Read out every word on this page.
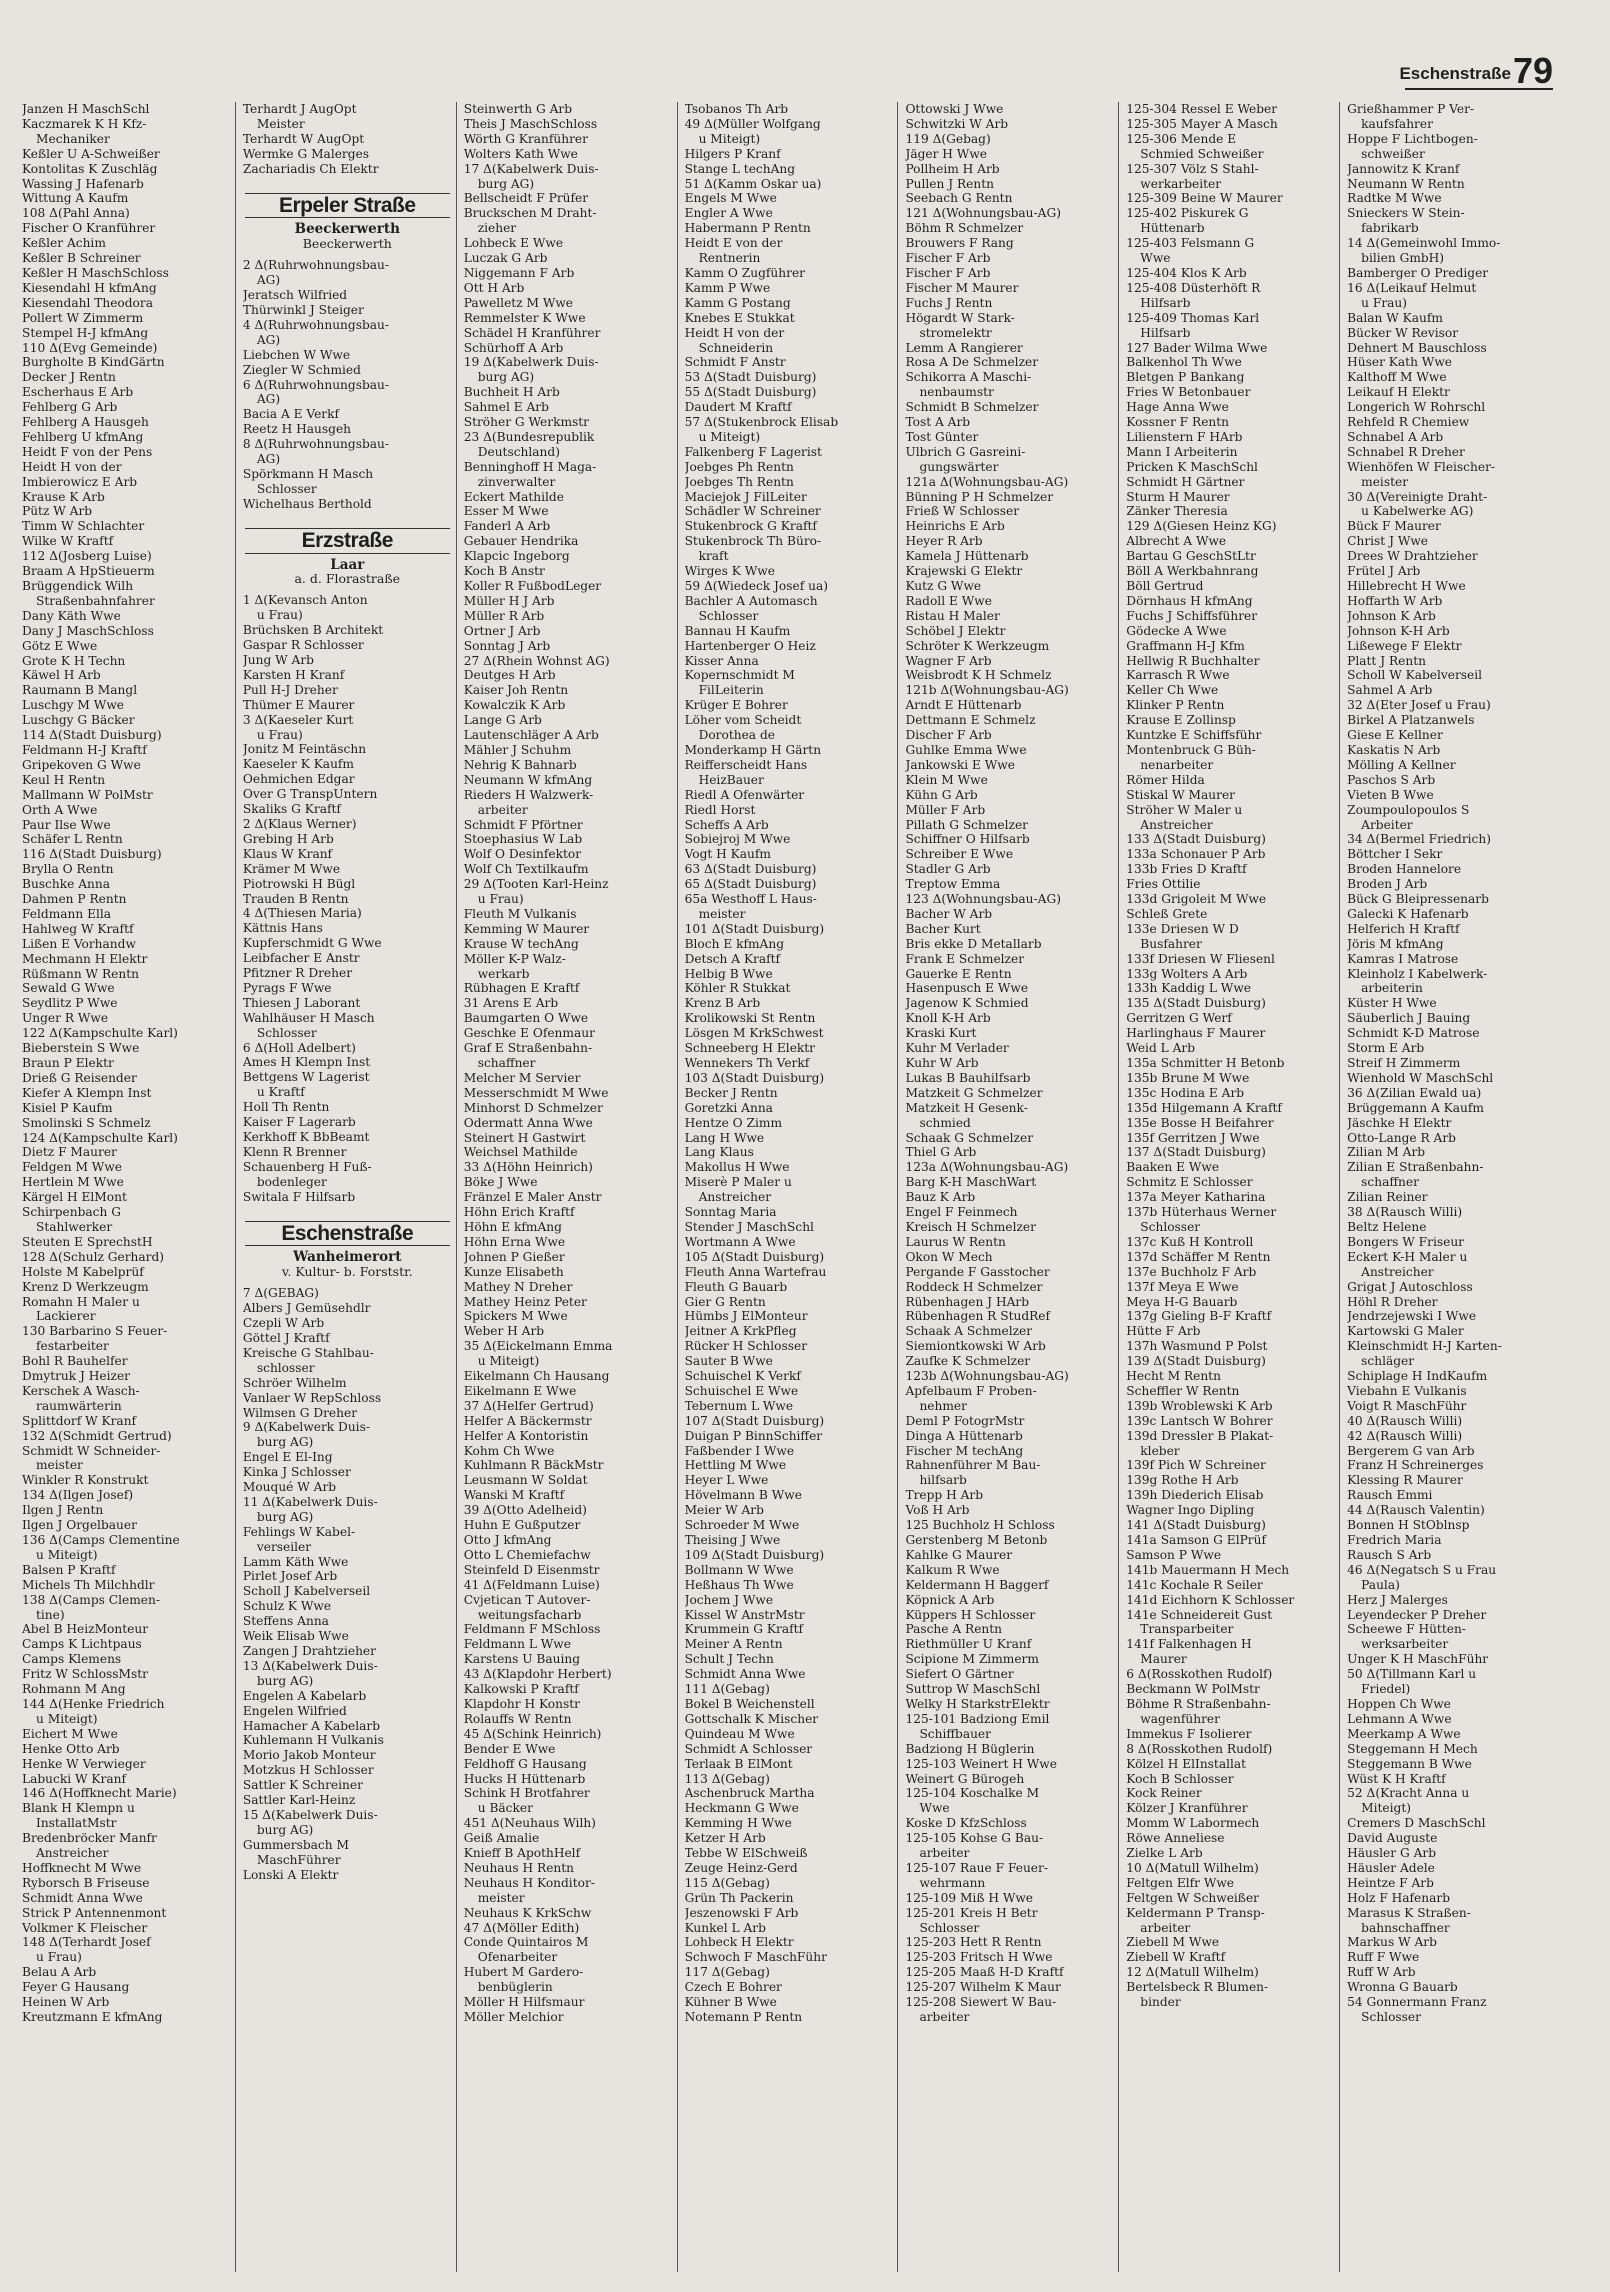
Eschenstraße 79
Janzen H MaschSchl
Kaczmarek K H Kfz-
Mechaniker
Keßler U A-Schweißer
Kontolitas K Zuschläg
Wassing J Hafenarb
Wittung A Kaufm
108 Δ(Pahl Anna)
Fischer O Kranführer
Keßler Achim
Keßler B Schreiner
Keßler H MaschSchloss
Kiesendahl H kfmAng
Kiesendahl Theodora
Pollert W Zimmerm
Stempel H-J kfmAng
110 Δ(Evg Gemeinde)
Burgholte B KindGärtn
Decker J Rentn
Escherhaus E Arb
Fehlberg G Arb
Fehlberg A Hausgeh
Fehlberg U kfmAng
Heidt F von der Pens
Heidt H von der
Imbierowicz E Arb
Krause K Arb
Pütz W Arb
Timm W Schlachter
Wilke W Kraftf
112 Δ(Josberg Luise)
Braam A HpStieuerm
Brüggendick Wilh
Straßenbahnfahrer
Dany Käth Wwe
Dany J MaschSchloss
Götz E Wwe
Grote K H Techn
Käwel H Arb
Raumann B Mangl
Luschgy M Wwe
Luschgy G Bäcker
114 Δ(Stadt Duisburg)
Feldmann H-J Kraftf
Gripekoven G Wwe
Keul H Rentn
Mallmann W PolMstr
Orth A Wwe
Paur Ilse Wwe
Schäfer L Rentn
116 Δ(Stadt Duisburg)
Brylla O Rentn
Buschke Anna
Dahmen P Rentn
Feldmann Ella
Hahlweg W Kraftf
Lißen E Vorhandw
Mechmann H Elektr
Rüßmann W Rentn
Sewald G Wwe
Seydlitz P Wwe
Unger R Wwe
122 Δ(Kampschulte Karl)
Bieberstein S Wwe
Braun P Elektr
Drieß G Reisender
Kiefer A Klempn Inst
Kisiel P Kaufm
Smolinski S Schmelz
124 Δ(Kampschulte Karl)
Dietz F Maurer
Feldgen M Wwe
Hertlein M Wwe
Kärgel H ElMont
Schirpenbach G
Stahlwerker
Steuten E SprechstH
128 Δ(Schulz Gerhard)
Holste M Kabelprüf
Krenz D Werkzeugm
Romahn H Maler u
Lackierer
130 Barbarino S Feuer-
festarbeiter
Bohl R Bauhelfer
Dmytruk J Heizer
Kerschek A Wasch-
raumwärterin
Splittdorf W Kranf
132 Δ(Schmidt Gertrud)
Schmidt W Schneider-
meister
Winkler R Konstrukt
134 Δ(Ilgen Josef)
Ilgen J Rentn
Ilgen J Orgelbauer
136 Δ(Camps Clementine
u Miteigt)
Balsen P Kraftf
Michels Th Milchhdlr
138 Δ(Camps Clemen-
tine)
Abel B HeizMonteur
Camps K Lichtpaus
Camps Klemens
Fritz W SchlossMstr
Rohmann M Ang
144 Δ(Henke Friedrich
u Miteigt)
Eichert M Wwe
Henke Otto Arb
Henke W Verwieger
Labucki W Kranf
146 Δ(Hoffknecht Marie)
Blank H Klempn u
InstallatMstr
Bredenbröcker Manfr
Anstreicher
Hoffknecht M Wwe
Ryborsch B Friseuse
Schmidt Anna Wwe
Strick P Antennenmont
Volkmer K Fleischer
148 Δ(Terhardt Josef
u Frau)
Belau A Arb
Feyer G Hausang
Heinen W Arb
Kreutzmann E kfmAng
Terhardt J AugOpt
Meister
Terhardt W AugOpt
Wermke G Malerges
Zachariadis Ch Elektr
Erpeler Straße
Beeckerwerth
Beeckerwerth
2 Δ(Ruhrwohnungsbau-
AG)
Jeratsch Wilfried
Thürwinkl J Steiger
4 Δ(Ruhrwohnungsbau-
AG)
Liebchen W Wwe
Ziegler W Schmied
6 Δ(Ruhrwohnungsbau-
AG)
Bacia A E Verkf
Reetz H Hausgeh
8 Δ(Ruhrwohnungsbau-
AG)
Spörkmann H Masch
Schlosser
Wichelhaus Berthold
Erzstraße
Laar
a. d. Florastraße
1 Δ(Kevansch Anton
u Frau)
Brüchsken B Architekt
Gaspar R Schlosser
Jung W Arb
Karsten H Kranf
Pull H-J Dreher
Thümer E Maurer
3 Δ(Kaeseler Kurt
u Frau)
Jonitz M Feintäschn
Kaeseler K Kaufm
Oehmichen Edgar
Over G TranspUntern
Skaliks G Kraftf
2 Δ(Klaus Werner)
Grebing H Arb
Klaus W Kranf
Krämer M Wwe
Piotrowski H Bügl
Trauden B Rentn
4 Δ(Thiesen Maria)
Kättnis Hans
Kupferschmidt G Wwe
Leibfacher E Anstr
Pfitzner R Dreher
Pyrags F Wwe
Thiesen J Laborant
Wahlhäuser H Masch
Schlosser
6 Δ(Holl Adelbert)
Ames H Klempn Inst
Bettgens W Lagerist
u Kraftf
Holl Th Rentn
Kaiser F Lagerarb
Kerkhoff K BbBeamt
Klenn R Brenner
Schauenberg H Fuß-
bodenleger
Switala F Hilfsarb
Eschenstraße
Wanheimerort
v. Kultur- b. Forststr.
7 Δ(GEBAG)
Albers J Gemüsehdlr
Czepli W Arb
Göttel J Kraftf
Kreische G Stahlbau-
schlosser
Schröer Wilhelm
Vanlaer W RepSchloss
Wilmsen G Dreher
9 Δ(Kabelwerk Duis-
burg AG)
Engel E El-Ing
Kinka J Schlosser
Mouqué W Arb
11 Δ(Kabelwerk Duis-
burg AG)
Fehlings W Kabel-
verseiler
Lamm Käth Wwe
Pirlet Josef Arb
Scholl J Kabelverseil
Schulz K Wwe
Steffens Anna
Weik Elisab Wwe
Zangen J Drahtzieher
13 Δ(Kabelwerk Duis-
burg AG)
Engelen A Kabelarb
Engelen Wilfried
Hamacher A Kabelarb
Kuhlemann H Vulkanis
Morio Jakob Monteur
Motzkus H Schlosser
Sattler K Schreiner
Sattler Karl-Heinz
15 Δ(Kabelwerk Duis-
burg AG)
Gummersbach M
MaschFührer
Lonski A Elektr
Steinwerth G Arb
Theis J MaschSchloss
Wörth G Kranführer
Wolters Kath Wwe
17 Δ(Kabelwerk Duis-
burg AG)
Bellscheidt F Prüfer
Bruckschen M Draht-
zieher
Lohbeck E Wwe
Luczak G Arb
Niggemann F Arb
Ott H Arb
Pawelletz M Wwe
Remmelster K Wwe
Schädel H Kranführer
Schürhoff A Arb
19 Δ(Kabelwerk Duis-
burg AG)
Buchheit H Arb
Sahmel E Arb
Ströher G Werkmstr
23 Δ(Bundesrepublik
Deutschland)
Benninghoff H Maga-
zinverwalter
Eckert Mathilde
Esser M Wwe
Fanderl A Arb
Gebauer Hendrika
Klapcic Ingeborg
Koch B Anstr
Koller R FußbodLeger
Müller H J Arb
Müller R Arb
Ortner J Arb
Sonntag J Arb
27 Δ(Rhein Wohnst AG)
Deutges H Arb
Kaiser Joh Rentn
Kowalczik K Arb
Lange G Arb
Lautenschläger A Arb
Mähler J Schuhm
Nehrig K Bahnarb
Neumann W kfmAng
Rieders H Walzwerk-
arbeiter
Schmidt F Pförtner
Stoephasius W Lab
Wolf O Desinfektor
Wolf Ch Textilkaufm
29 Δ(Tooten Karl-Heinz
u Frau)
Fleuth M Vulkanis
Kemming W Maurer
Krause W techAng
Möller K-P Walz-
werkarb
Rübhagen E Kraftf
31 Arens E Arb
Baumgarten O Wwe
Geschke E Ofenmaur
Graf E Straßenbahn-
schaffner
Melcher M Servier
Messerschmidt M Wwe
Minhorst D Schmelzer
Odermatt Anna Wwe
Steinert H Gastwirt
Weichsel Mathilde
33 Δ(Höhn Heinrich)
Böke J Wwe
Fränzel E Maler Anstr
Höhn Erich Kraftf
Höhn E kfmAng
Höhn Erna Wwe
Johnen P Gießer
Kunze Elisabeth
Mathey N Dreher
Mathey Heinz Peter
Spickers M Wwe
Weber H Arb
35 Δ(Eickelmann Emma
u Miteigt)
Eikelmann Ch Hausang
Eikelmann E Wwe
37 Δ(Helfer Gertrud)
Helfer A Bäckermstr
Helfer A Kontoristin
Kohm Ch Wwe
Kuhlmann R BäckMstr
Leusmann W Soldat
Wanski M Kraftf
39 Δ(Otto Adelheid)
Huhn E Gußputzer
Otto J kfmAng
Otto L Chemiefachw
Steinfeld D Eisenmstr
41 Δ(Feldmann Luise)
Cvjetican T Autover-
weitungsfacharb
Feldmann F MSchloss
Feldmann L Wwe
Karstens U Bauing
43 Δ(Klapdohr Herbert)
Kalkowski P Kraftf
Klapdohr H Konstr
Rolauffs W Rentn
45 Δ(Schink Heinrich)
Bender E Wwe
Feldhoff G Hausang
Hucks H Hüttenarb
Schink H Brotfahrer
u Bäcker
451 Δ(Neuhaus Wilh)
Geiß Amalie
Knieff B ApothHelf
Neuhaus H Rentn
Neuhaus H Konditor-
meister
Neuhaus K KrkSchw
47 Δ(Möller Edith)
Conde Quintairos M
Ofenarbeiter
Hubert M Gardero-
benbüglerin
Möller H Hilfsmaur
Möller Melchior
Tsobanos Th Arb
49 Δ(Müller Wolfgang
u Miteigt)
Hilgers P Kranf
Stange L techAng
51 Δ(Kamm Oskar ua)
Engels M Wwe
Engler A Wwe
Habermann P Rentn
Heidt E von der
Rentnerin
Kamm O Zugführer
Kamm P Wwe
Kamm G Postang
Knebes E Stukkat
Heidt H von der
Schneiderin
Schmidt F Anstr
53 Δ(Stadt Duisburg)
55 Δ(Stadt Duisburg)
Daudert M Kraftf
57 Δ(Stukenbrock Elisab
u Miteigt)
Falkenberg F Lagerist
Joebges Ph Rentn
Joebges Th Rentn
Maciejok J FilLeiter
Schädler W Schreiner
Stukenbrock G Kraftf
Stukenbrock Th Büro-
kraft
Wirges K Wwe
59 Δ(Wiedeck Josef ua)
Bachler A Automasch
Schlosser
Bannau H Kaufm
Hartenberger O Heiz
Kisser Anna
Kopernschmidt M
FilLeiterin
Krüger E Bohrer
Löher vom Scheidt
Dorothea de
Monderkamp H Gärtn
Reifferscheidt Hans
HeizBauer
Riedl A Ofenwärter
Riedl Horst
Scheffs A Arb
Sobiejroj M Wwe
Vogt H Kaufm
63 Δ(Stadt Duisburg)
65 Δ(Stadt Duisburg)
65a Westhoff L Haus-
meister
101 Δ(Stadt Duisburg)
Bloch E kfmAng
Detsch A Kraftf
Helbig B Wwe
Köhler R Stukkat
Krenz B Arb
Krolikowski St Rentn
Lösgen M KrkSchwest
Schneeberg H Elektr
Wennekers Th Verkf
103 Δ(Stadt Duisburg)
Becker J Rentn
Goretzki Anna
Hentze O Zimm
Lang H Wwe
Lang Klaus
Makollus H Wwe
Miserè P Maler u
Anstreicher
Sonntag Maria
Stender J MaschSchl
Wortmann A Wwe
105 Δ(Stadt Duisburg)
Fleuth Anna Wartefrau
Fleuth G Bauarb
Gier G Rentn
Hümbs J ElMonteur
Jeitner A KrkPfleg
Rücker H Schlosser
Sauter B Wwe
Schuischel K Verkf
Schuischel E Wwe
Tebernum L Wwe
107 Δ(Stadt Duisburg)
Duigan P BinnSchiffer
Faßbender I Wwe
Hettling M Wwe
Heyer L Wwe
Hövelmann B Wwe
Meier W Arb
Schroeder M Wwe
Theising J Wwe
109 Δ(Stadt Duisburg)
Bollmann W Wwe
Heßhaus Th Wwe
Jochem J Wwe
Kissel W AnstrMstr
Krummein G Kraftf
Meiner A Rentn
Schult J Techn
Schmidt Anna Wwe
111 Δ(Gebag)
Bokel B Weichenstell
Gottschalk K Mischer
Quindeau M Wwe
Schmidt A Schlosser
Terlaak B ElMont
113 Δ(Gebag)
Aschenbruck Martha
Heckmann G Wwe
Kemming H Wwe
Ketzer H Arb
Tebbe W ElSchweiß
Zeuge Heinz-Gerd
115 Δ(Gebag)
Grün Th Packerin
Jeszenowski F Arb
Kunkel L Arb
Lohbeck H Elektr
Schwoch F MaschFühr
117 Δ(Gebag)
Czech E Bohrer
Kühner B Wwe
Notemann P Rentn
Ottowski J Wwe
Schwitzki W Arb
119 Δ(Gebag)
Jäger H Wwe
Pollheim H Arb
Pullen J Rentn
Seebach G Rentn
121 Δ(Wohnungsbau-AG)
Böhm R Schmelzer
Brouwers F Rang
Fischer F Arb
Fischer F Arb
Fischer M Maurer
Fuchs J Rentn
Högardt W Stark-
stromelektr
Lemm A Rangierer
Rosa A De Schmelzer
Schikorra A Maschi-
nenbaumstr
Schmidt B Schmelzer
Tost A Arb
Tost Günter
Ulbrich G Gasreini-
gungswärter
121a Δ(Wohnungsbau-AG)
Bünning P H Schmelzer
Frieß W Schlosser
Heinrichs E Arb
Heyer R Arb
Kamela J Hüttenarb
Krajewski G Elektr
Kutz G Wwe
Radoll E Wwe
Ristau H Maler
Schöbel J Elektr
Schröter K Werkzeugm
Wagner F Arb
Weisbrodt K H Schmelz
121b Δ(Wohnungsbau-AG)
Arndt E Hüttenarb
Dettmann E Schmelz
Discher F Arb
Guhlke Emma Wwe
Jankowski E Wwe
Klein M Wwe
Kühn G Arb
Müller F Arb
Pillath G Schmelzer
Schiffner O Hilfsarb
Schreiber E Wwe
Stadler G Arb
Treptow Emma
123 Δ(Wohnungsbau-AG)
Bacher W Arb
Bacher Kurt
Bris ekke D Metallarb
Frank E Schmelzer
Gauerke E Rentn
Hasenpusch E Wwe
Jagenow K Schmied
Knoll K-H Arb
Kraski Kurt
Kuhr M Verlader
Kuhr W Arb
Lukas B Bauhilfsarb
Matzkeit G Schmelzer
Matzkeit H Gesenk-
schmied
Schaak G Schmelzer
Thiel G Arb
123a Δ(Wohnungsbau-AG)
Barg K-H MaschWart
Bauz K Arb
Engel F Feinmech
Kreisch H Schmelzer
Laurus W Rentn
Okon W Mech
Pergande F Gasstocher
Roddeck H Schmelzer
Rübenhagen J HArb
Rübenhagen R StudRef
Schaak A Schmelzer
Siemiontkowski W Arb
Zaufke K Schmelzer
123b Δ(Wohnungsbau-AG)
Apfelbaum F Proben-
nehmer
Deml P FotogrMstr
Dinga A Hüttenarb
Fischer M techAng
Rahnenführer M Bau-
hilfsarb
Trepp H Arb
Voß H Arb
125 Buchholz H Schloss
Gerstenberg M Betonb
Kahlke G Maurer
Kalkum R Wwe
Keldermann H Baggerf
Köpnick A Arb
Küppers H Schlosser
Pasche A Rentn
Riethmüller U Kranf
Scipione M Zimmerm
Siefert O Gärtner
Suttrop W MaschSchl
Welky H StarkstrElektr
125-101 Badziong Emil
Schiffbauer
Badziong H Büglerin
125-103 Weinert H Wwe
Weinert G Bürogeh
125-104 Koschalke M
Wwe
Koske D KfzSchloss
125-105 Kohse G Bau-
arbeiter
125-107 Raue F Feuer-
wehrmann
125-109 Miß H Wwe
125-201 Kreis H Betr
Schlosser
125-203 Hett R Rentn
125-203 Fritsch H Wwe
125-205 Maaß H-D Kraftf
125-207 Wilhelm K Maur
125-208 Siewert W Bau-
arbeiter
125-304 Ressel E Weber
125-305 Mayer A Masch
125-306 Mende E
Schmied Schweißer
125-307 Völz S Stahl-
werkarbeiter
125-309 Beine W Maurer
125-402 Piskurek G
Hüttenarb
125-403 Felsmann G
Wwe
125-404 Klos K Arb
125-408 Düsterhöft R
Hilfsarb
125-409 Thomas Karl
Hilfsarb
127 Bader Wilma Wwe
Balkenhol Th Wwe
Bletgen P Bankang
Fries W Betonbauer
Hage Anna Wwe
Kossner F Rentn
Lilienstern F HArb
Mann I Arbeiterin
Pricken K MaschSchl
Schmidt H Gärtner
Sturm H Maurer
Zänker Theresia
129 Δ(Giesen Heinz KG)
Albrecht A Wwe
Bartau G GeschStLtr
Böll A Werkbahnrang
Böll Gertrud
Dörnhaus H kfmAng
Fuchs J Schiffsführer
Gödecke A Wwe
Graffmann H-J Kfm
Hellwig R Buchhalter
Karrasch R Wwe
Keller Ch Wwe
Klinker P Rentn
Krause E Zollinsp
Kuntzke E Schiffsführ
Montenbruck G Büh-
nenarbeiter
Römer Hilda
Stiskal W Maurer
Ströher W Maler u
Anstreicher
133 Δ(Stadt Duisburg)
133a Schonauer P Arb
133b Fries D Kraftf
Fries Ottilie
133d Grigoleit M Wwe
Schleß Grete
133e Driesen W D
Busfahrer
133f Driesen W Fliesenl
133g Wolters A Arb
133h Kaddig L Wwe
135 Δ(Stadt Duisburg)
Gerritzen G Werf
Harlinghaus F Maurer
Weid L Arb
135a Schmitter H Betonb
135b Brune M Wwe
135c Hodina E Arb
135d Hilgemann A Kraftf
135e Bosse H Beifahrer
135f Gerritzen J Wwe
137 Δ(Stadt Duisburg)
Baaken E Wwe
Schmitz E Schlosser
137a Meyer Katharina
137b Hüterhaus Werner
Schlosser
137c Kuß H Kontroll
137d Schäffer M Rentn
137e Buchholz F Arb
137f Meya E Wwe
Meya H-G Bauarb
137g Gieling B-F Kraftf
Hütte F Arb
137h Wasmund P Polst
139 Δ(Stadt Duisburg)
Hecht M Rentn
Scheffler W Rentn
139b Wroblewski K Arb
139c Lantsch W Bohrer
139d Dressler B Plakat-
kleber
139f Pich W Schreiner
139g Rothe H Arb
139h Diederich Elisab
Wagner Ingo Dipling
141 Δ(Stadt Duisburg)
141a Samson G ElPrüf
Samson P Wwe
141b Mauermann H Mech
141c Kochale R Seiler
141d Eichhorn K Schlosser
141e Schneidereit Gust
Transparbeiter
141f Falkenhagen H
Maurer
6 Δ(Rosskothen Rudolf)
Beckmann W PolMstr
Böhme R Straßenbahn-
wagenführer
Immekus F Isolierer
8 Δ(Rosskothen Rudolf)
Kölzel H ElInstallat
Koch B Schlosser
Kock Reiner
Kölzer J Kranführer
Momm W Labormech
Röwe Anneliese
Zielke L Arb
10 Δ(Matull Wilhelm)
Feltgen Elfr Wwe
Feltgen W Schweißer
Keldermann P Transp-
arbeiter
Ziebell M Wwe
Ziebell W Kraftf
12 Δ(Matull Wilhelm)
Bertelsbeck R Blumen-
binder
Grießhammer P Ver-
kaufsfahrer
Hoppe F Lichtbogen-
schweißer
Jannowitz K Kranf
Neumann W Rentn
Radtke M Wwe
Snieckers W Stein-
fabrikarb
14 Δ(Gemeinwohl Immo-
bilien GmbH)
Bamberger O Prediger
16 Δ(Leikauf Helmut
u Frau)
Balan W Kaufm
Bücker W Revisor
Dehnert M Bauschloss
Hüser Kath Wwe
Kalthoff M Wwe
Leikauf H Elektr
Longerich W Rohrschl
Rehfeld R Chemiew
Schnabel A Arb
Schnabel R Dreher
Wienhöfen W Fleischer-
meister
30 Δ(Vereinigte Draht-
u Kabelwerke AG)
Bück F Maurer
Christ J Wwe
Drees W Drahtzieher
Frütel J Arb
Hillebrecht H Wwe
Hoffarth W Arb
Johnson K Arb
Johnson K-H Arb
Lißewege F Elektr
Platt J Rentn
Scholl W Kabelverseil
Sahmel A Arb
32 Δ(Eter Josef u Frau)
Birkel A Platzanwels
Giese E Kellner
Kaskatis N Arb
Mölling A Kellner
Paschos S Arb
Vieten B Wwe
Zoumpoulopoulos S
Arbeiter
34 Δ(Bermel Friedrich)
Böttcher I Sekr
Broden Hannelore
Broden J Arb
Bück G Bleipressenarb
Galecki K Hafenarb
Helferich H Kraftf
Jöris M kfmAng
Kamras I Matrose
Kleinholz I Kabelwerk-
arbeiterin
Küster H Wwe
Säuberlich J Bauing
Schmidt K-D Matrose
Storm E Arb
Streif H Zimmerm
Wienhold W MaschSchl
36 Δ(Zilian Ewald ua)
Brüggemann A Kaufm
Jäschke H Elektr
Otto-Lange R Arb
Zilian M Arb
Zilian E Straßenbahn-
schaffner
Zilian Reiner
38 Δ(Rausch Willi)
Beltz Helene
Bongers W Friseur
Eckert K-H Maler u
Anstreicher
Grigat J Autoschloss
Höhl R Dreher
Jendrzejewski I Wwe
Kartowski G Maler
Kleinschmidt H-J Karten-
schläger
Schiplage H IndKaufm
Viebahn E Vulkanis
Voigt R MaschFühr
40 Δ(Rausch Willi)
42 Δ(Rausch Willi)
Bergerem G van Arb
Franz H Schreinerges
Klessing R Maurer
Rausch Emmi
44 Δ(Rausch Valentin)
Bonnen H StOblnsp
Fredrich Maria
Rausch S Arb
46 Δ(Negatsch S u Frau
Paula)
Herz J Malerges
Leyendecker P Dreher
Scheewe F Hütten-
werksarbeiter
Unger K H MaschFühr
50 Δ(Tillmann Karl u
Friedel)
Hoppen Ch Wwe
Lehmann A Wwe
Meerkamp A Wwe
Steggemann H Mech
Steggemann B Wwe
Wüst K H Kraftf
52 Δ(Kracht Anna u
Miteigt)
Cremers D MaschSchl
David Auguste
Häusler G Arb
Häusler Adele
Heintze F Arb
Holz F Hafenarb
Marasus K Straßen-
bahnschaffner
Markus W Arb
Ruff F Wwe
Ruff W Arb
Wronna G Bauarb
54 Gonnermann Franz
Schlosser
